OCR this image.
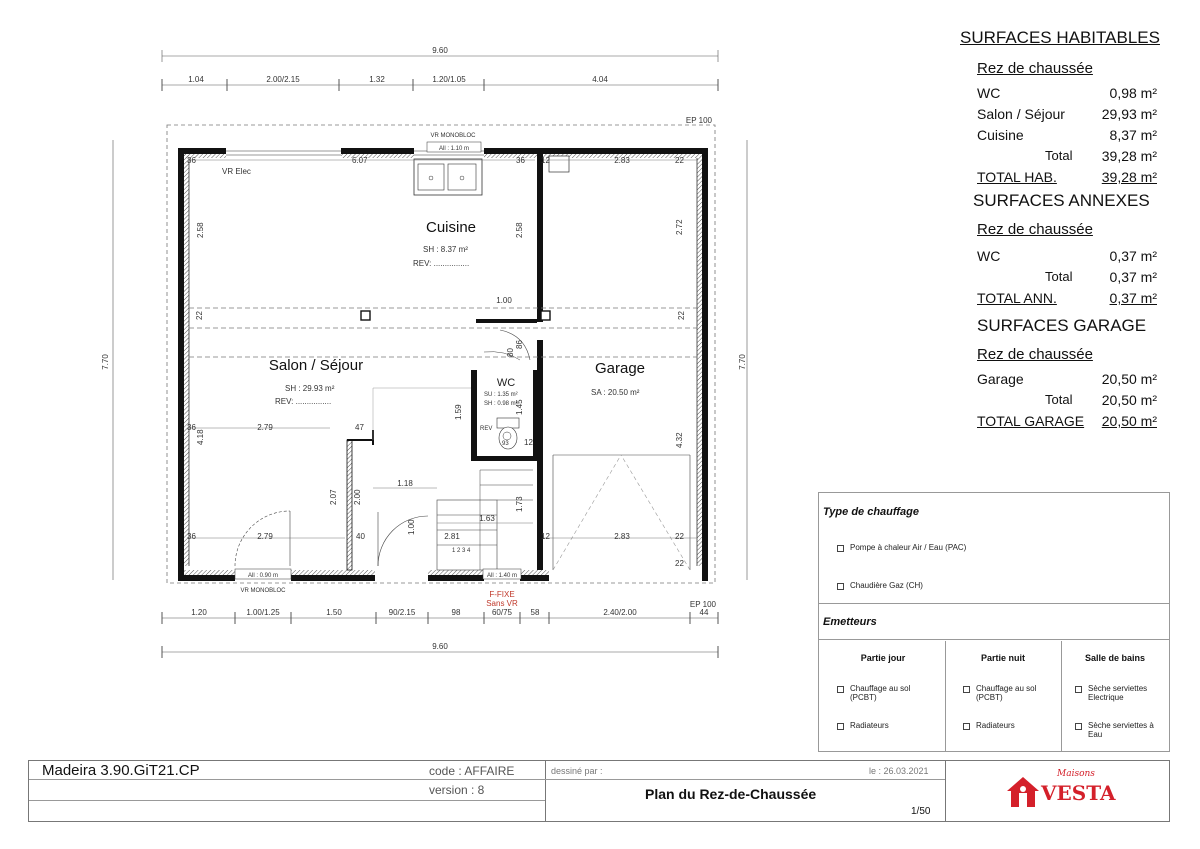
9.60
1.04	2.00/2.15	1.32	1.20/1.05	4.04
7.70	7.70
EP 100
EP 100
VR MONOBLOC
All : 1.10 m
VR Elec
6.07
1 2 3 4
Cuisine
SH : 8.37 m²
REV: ................
Salon / Séjour
SH : 29.93 m²
REV: ................
Garage
SA : 20.50 m²
WC
SU : 1.35 m²
SH : 0.98 m²
REV
36
36
36
36 12
12
12
22
22
22
22	22
2.83
2.83
2.58	2.58	2.72
1.00
2.79
2.79
4.18
47
2.07 2.00
40
1.18
1.00
2.81
1.63
1.59	1.45
1.73
86
80
4.32
93
All : 0.90 m	All : 1.40 m
VR MONOBLOC	F-FIXE
Sans VR
1.20	1.00/1.25	1.50	90/2.15	98	60/75 58	2.40/2.00	44
9.60

SURFACES HABITABLES

Rez de chaussée

WC	0,98 m²
Salon / Séjour	29,93 m²
Cuisine	8,37 m²
Total 39,28 m²
TOTAL HAB.	39,28 m²

SURFACES ANNEXES

Rez de chaussée

WC	0,37 m²
Total	0,37 m²
TOTAL ANN.	0,37 m²

SURFACES GARAGE

Rez de chaussée

Garage	20,50 m²
Total 20,50 m²
TOTAL GARAGE 20,50 m²
Type de chauffage
Pompe à chaleur Air / Eau (PAC)
Chaudière Gaz (CH)
Emetteurs
Partie jour	Partie nuit	Salle de bains
Chauffage au sol
(PCBT)
Radiateurs
Chauffage au sol
(PCBT)
Radiateurs
Sèche serviettes
Electrique
Sèche serviettes à
Eau
Madeira 3.90.GiT21.CP	code : AFFAIRE
version : 8
dessiné par :	le : 26.03.2021
Plan du Rez-de-Chaussée
1/50
Maisons
VESTA
